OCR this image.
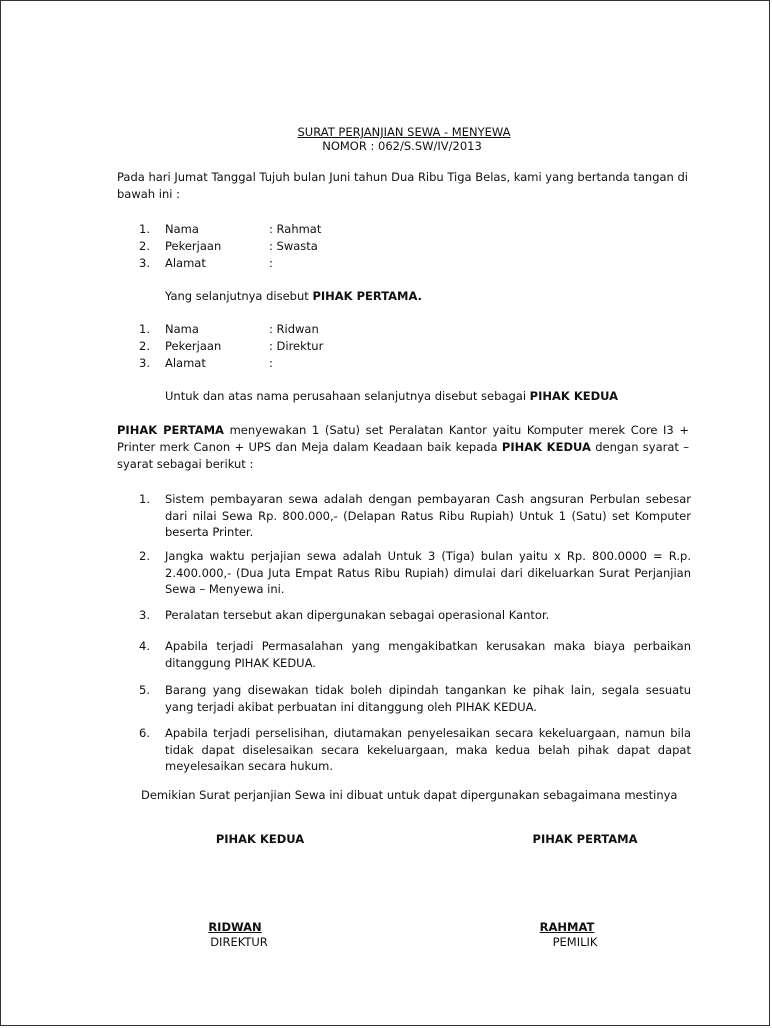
SURAT PERJANJIAN SEWA - MENYEWA
NOMOR : 062/S.SW/IV/2013
Pada hari Jumat Tanggal Tujuh bulan Juni tahun Dua Ribu Tiga Belas, kami yang bertanda tangan di bawah ini :
1. Nama	: Rahmat
2. Pekerjaan	: Swasta
3. Alamat	:
Yang selanjutnya disebut PIHAK PERTAMA.
1. Nama	: Ridwan
2. Pekerjaan	: Direktur
3. Alamat	:
Untuk dan atas nama perusahaan selanjutnya disebut sebagai PIHAK KEDUA
PIHAK PERTAMA menyewakan 1 (Satu) set Peralatan Kantor yaitu Komputer merek Core I3 + Printer merk Canon + UPS dan Meja dalam Keadaan baik kepada PIHAK KEDUA dengan syarat – syarat sebagai berikut :
1. Sistem pembayaran sewa adalah dengan pembayaran Cash angsuran Perbulan sebesar dari nilai Sewa Rp. 800.000,- (Delapan Ratus Ribu Rupiah) Untuk 1 (Satu) set Komputer beserta Printer.
2. Jangka waktu perjajian sewa adalah Untuk 3 (Tiga) bulan yaitu x Rp. 800.0000 = R.p. 2.400.000,- (Dua Juta Empat Ratus Ribu Rupiah) dimulai dari dikeluarkan Surat Perjanjian Sewa – Menyewa ini.
3. Peralatan tersebut akan dipergunakan sebagai operasional Kantor.
4. Apabila terjadi Permasalahan yang mengakibatkan kerusakan maka biaya perbaikan ditanggung PIHAK KEDUA.
5. Barang yang disewakan tidak boleh dipindah tangankan ke pihak lain, segala sesuatu yang terjadi akibat perbuatan ini ditanggung oleh PIHAK KEDUA.
6. Apabila terjadi perselisihan, diutamakan penyelesaikan secara kekeluargaan, namun bila tidak dapat diselesaikan secara kekeluargaan, maka kedua belah pihak dapat dapat meyelesaikan secara hukum.
Demikian Surat perjanjian Sewa ini dibuat untuk dapat dipergunakan sebagaimana mestinya
PIHAK KEDUA	PIHAK PERTAMA
RIDWAN
DIREKTUR
RAHMAT
PEMILIK
